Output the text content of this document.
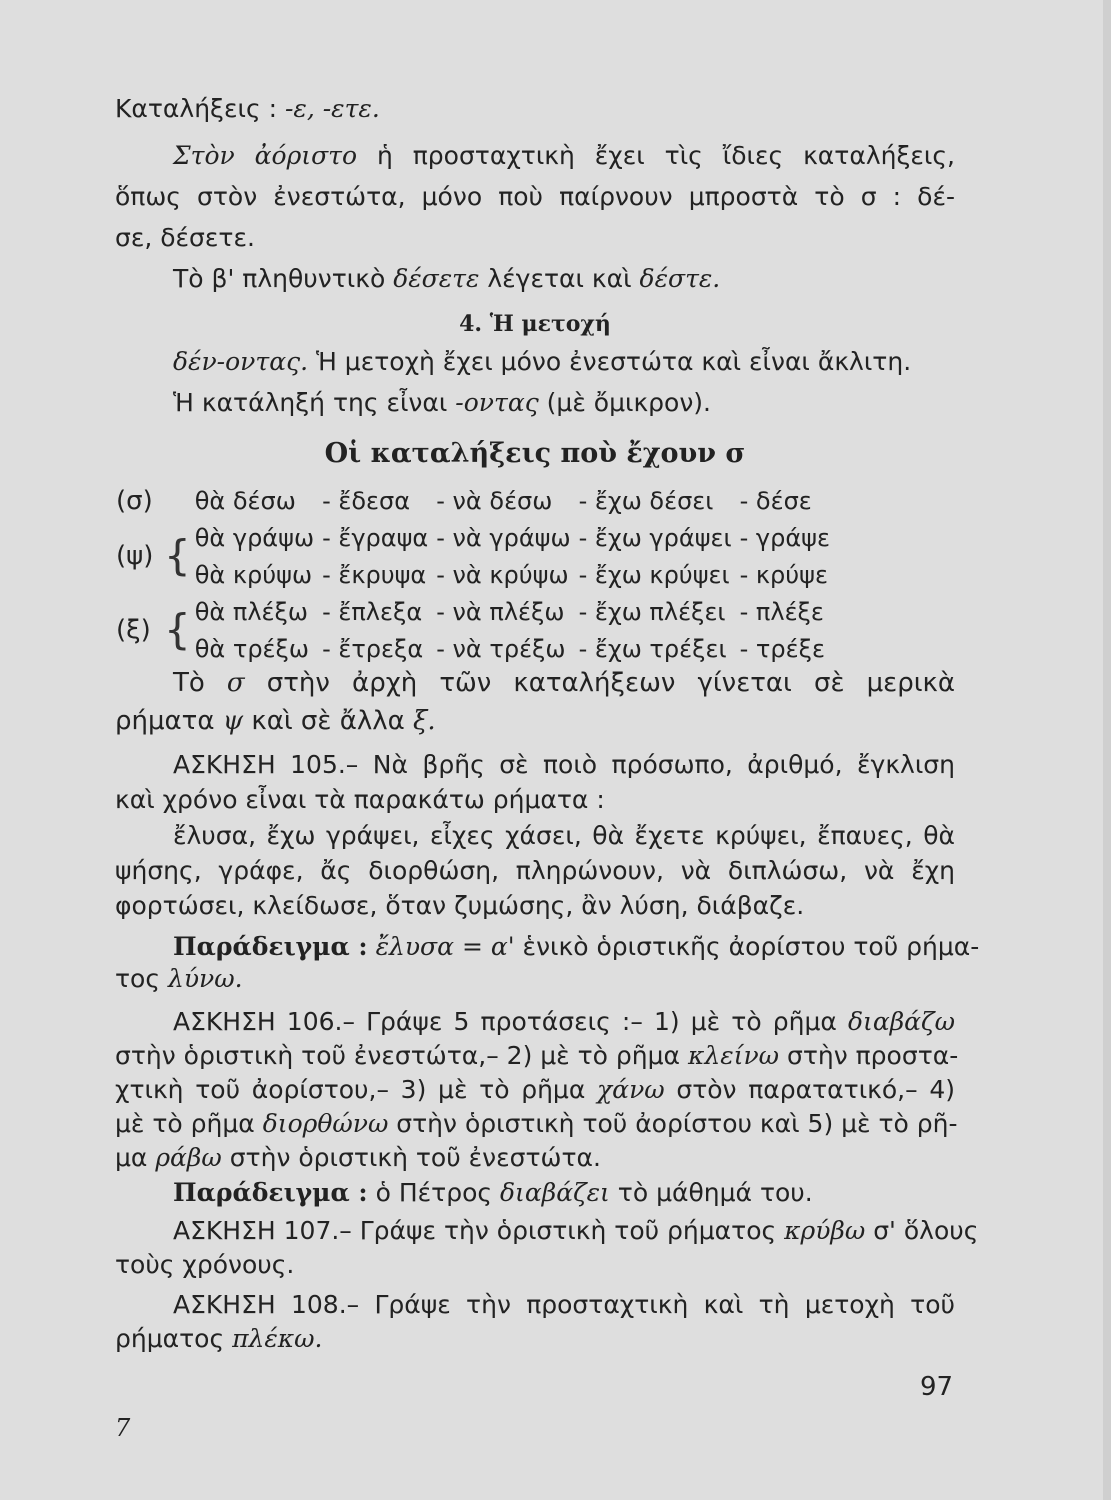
Καταλήξεις : -ε, -ετε.
Στὸν ἀόριστο ἡ προσταχτικὴ ἔχει τὶς ἴδιες καταλήξεις,
ὅπως στὸν ἐνεστώτα, μόνο ποὺ παίρνουν μπροστὰ τὸ σ : δέ-
σε, δέσετε.
Τὸ β' πληθυντικὸ δέσετε λέγεται καὶ δέστε.
4. Ἡ μετοχή
δέν-οντας. Ἡ μετοχὴ ἔχει μόνο ἐνεστώτα καὶ εἶναι ἄκλιτη.
Ἡ κατάληξή της εἶναι -οντας (μὲ ὄμικρον).
Οἱ καταλήξεις ποὺ ἔχουν σ
(σ)		θὰ δέσω	- ἔδεσα	- νὰ δέσω	- ἔχω δέσει	- δέσε
(ψ)	{	θὰ γράψω	- ἔγραψα	- νὰ γράψω	- ἔχω γράψει	- γράψε
		θὰ κρύψω	- ἔκρυψα	- νὰ κρύψω	- ἔχω κρύψει	- κρύψε
(ξ)	{	θὰ πλέξω	- ἔπλεξα	- νὰ πλέξω	- ἔχω πλέξει	- πλέξε
		θὰ τρέξω	- ἔτρεξα	- νὰ τρέξω	- ἔχω τρέξει	- τρέξε
Τὸ σ στὴν ἀρχὴ τῶν καταλήξεων γίνεται σὲ μερικὰ
ρήματα ψ καὶ σὲ ἄλλα ξ.
ΑΣΚΗΣΗ 105.– Νὰ βρῆς σὲ ποιὸ πρόσωπο, ἀριθμό, ἔγκλιση
καὶ χρόνο εἶναι τὰ παρακάτω ρήματα :
ἔλυσα, ἔχω γράψει, εἶχες χάσει, θὰ ἔχετε κρύψει, ἔπαυες, θὰ
ψήσης, γράφε, ἄς διορθώση, πληρώνουν, νὰ διπλώσω, νὰ ἔχη
φορτώσει, κλείδωσε, ὅταν ζυμώσης, ἂν λύση, διάβαζε.
Παράδειγμα : ἔλυσα = α' ἑνικὸ ὁριστικῆς ἀορίστου τοῦ ρήμα-
τος λύνω.
ΑΣΚΗΣΗ 106.– Γράψε 5 προτάσεις :– 1) μὲ τὸ ρῆμα διαβάζω
στὴν ὁριστικὴ τοῦ ἐνεστώτα,– 2) μὲ τὸ ρῆμα κλείνω στὴν προστα-
χτικὴ τοῦ ἀορίστου,– 3) μὲ τὸ ρῆμα χάνω στὸν παρατατικό,– 4)
μὲ τὸ ρῆμα διορθώνω στὴν ὁριστικὴ τοῦ ἀορίστου καὶ 5) μὲ τὸ ρῆ-
μα ράβω στὴν ὁριστικὴ τοῦ ἐνεστώτα.
Παράδειγμα : ὁ Πέτρος διαβάζει τὸ μάθημά του.
ΑΣΚΗΣΗ 107.– Γράψε τὴν ὁριστικὴ τοῦ ρήματος κρύβω σ' ὅλους
τοὺς χρόνους.
ΑΣΚΗΣΗ 108.– Γράψε τὴν προσταχτικὴ καὶ τὴ μετοχὴ τοῦ
ρήματος πλέκω.
97
7
